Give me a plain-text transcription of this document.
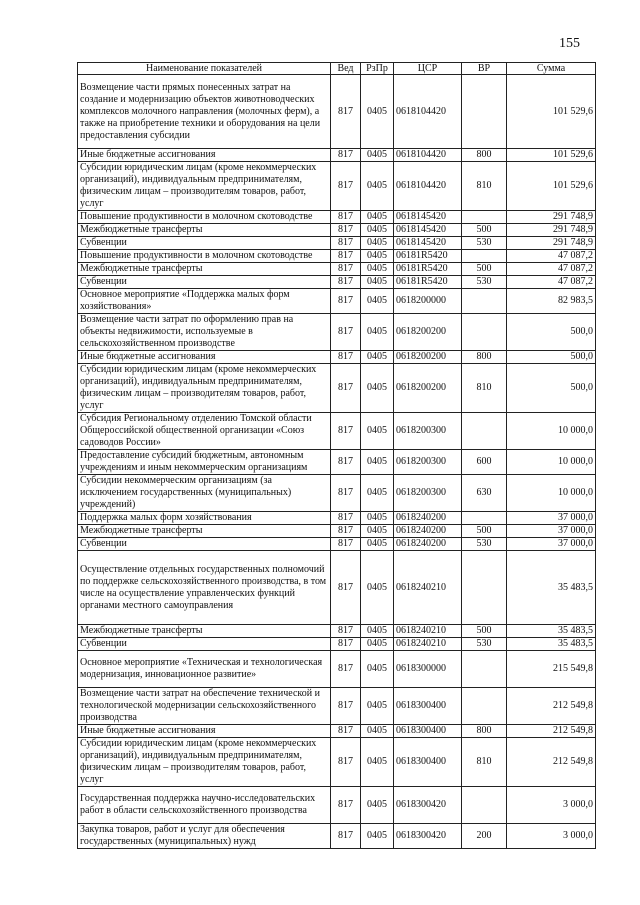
155
Наименование показателей	Вед	РзПр	ЦСР	ВР	Сумма
Возмещение части прямых понесенных затрат на создание и модернизацию объектов животноводческих комплексов молочного направления (молочных ферм), а также на приобретение техники и оборудования на цели предоставления субсидии	817	0405	0618104420		101 529,6
Иные бюджетные ассигнования	817	0405	0618104420	800	101 529,6
Субсидии юридическим лицам (кроме некоммерческих организаций), индивидуальным предпринимателям, физическим лицам – производителям товаров, работ, услуг	817	0405	0618104420	810	101 529,6
Повышение продуктивности в молочном скотоводстве	817	0405	0618145420		291 748,9
Межбюджетные трансферты	817	0405	0618145420	500	291 748,9
Субвенции	817	0405	0618145420	530	291 748,9
Повышение продуктивности в молочном скотоводстве	817	0405	06181R5420		47 087,2
Межбюджетные трансферты	817	0405	06181R5420	500	47 087,2
Субвенции	817	0405	06181R5420	530	47 087,2
Основное мероприятие «Поддержка малых форм хозяйствования»	817	0405	0618200000		82 983,5
Возмещение части затрат по оформлению прав на объекты недвижимости, используемые в сельскохозяйственном производстве	817	0405	0618200200		500,0
Иные бюджетные ассигнования	817	0405	0618200200	800	500,0
Субсидии юридическим лицам (кроме некоммерческих организаций), индивидуальным предпринимателям, физическим лицам – производителям товаров, работ, услуг	817	0405	0618200200	810	500,0
Субсидия Региональному отделению Томской области Общероссийской общественной организации «Союз садоводов России»	817	0405	0618200300		10 000,0
Предоставление субсидий бюджетным, автономным учреждениям и иным некоммерческим организациям	817	0405	0618200300	600	10 000,0
Субсидии некоммерческим организациям (за исключением государственных (муниципальных) учреждений)	817	0405	0618200300	630	10 000,0
Поддержка малых форм хозяйствования	817	0405	0618240200		37 000,0
Межбюджетные трансферты	817	0405	0618240200	500	37 000,0
Субвенции	817	0405	0618240200	530	37 000,0
Осуществление отдельных государственных полномочий по поддержке сельскохозяйственного производства, в том числе на осуществление управленческих функций органами местного самоуправления	817	0405	0618240210		35 483,5
Межбюджетные трансферты	817	0405	0618240210	500	35 483,5
Субвенции	817	0405	0618240210	530	35 483,5
Основное мероприятие «Техническая и технологическая модернизация, инновационное развитие»	817	0405	0618300000		215 549,8
Возмещение части затрат на обеспечение технической и технологической модернизации сельскохозяйственного производства	817	0405	0618300400		212 549,8
Иные бюджетные ассигнования	817	0405	0618300400	800	212 549,8
Субсидии юридическим лицам (кроме некоммерческих организаций), индивидуальным предпринимателям, физическим лицам – производителям товаров, работ, услуг	817	0405	0618300400	810	212 549,8
Государственная поддержка научно-исследовательских работ в области сельскохозяйственного производства	817	0405	0618300420		3 000,0
Закупка товаров, работ и услуг для обеспечения государственных (муниципальных) нужд	817	0405	0618300420	200	3 000,0
